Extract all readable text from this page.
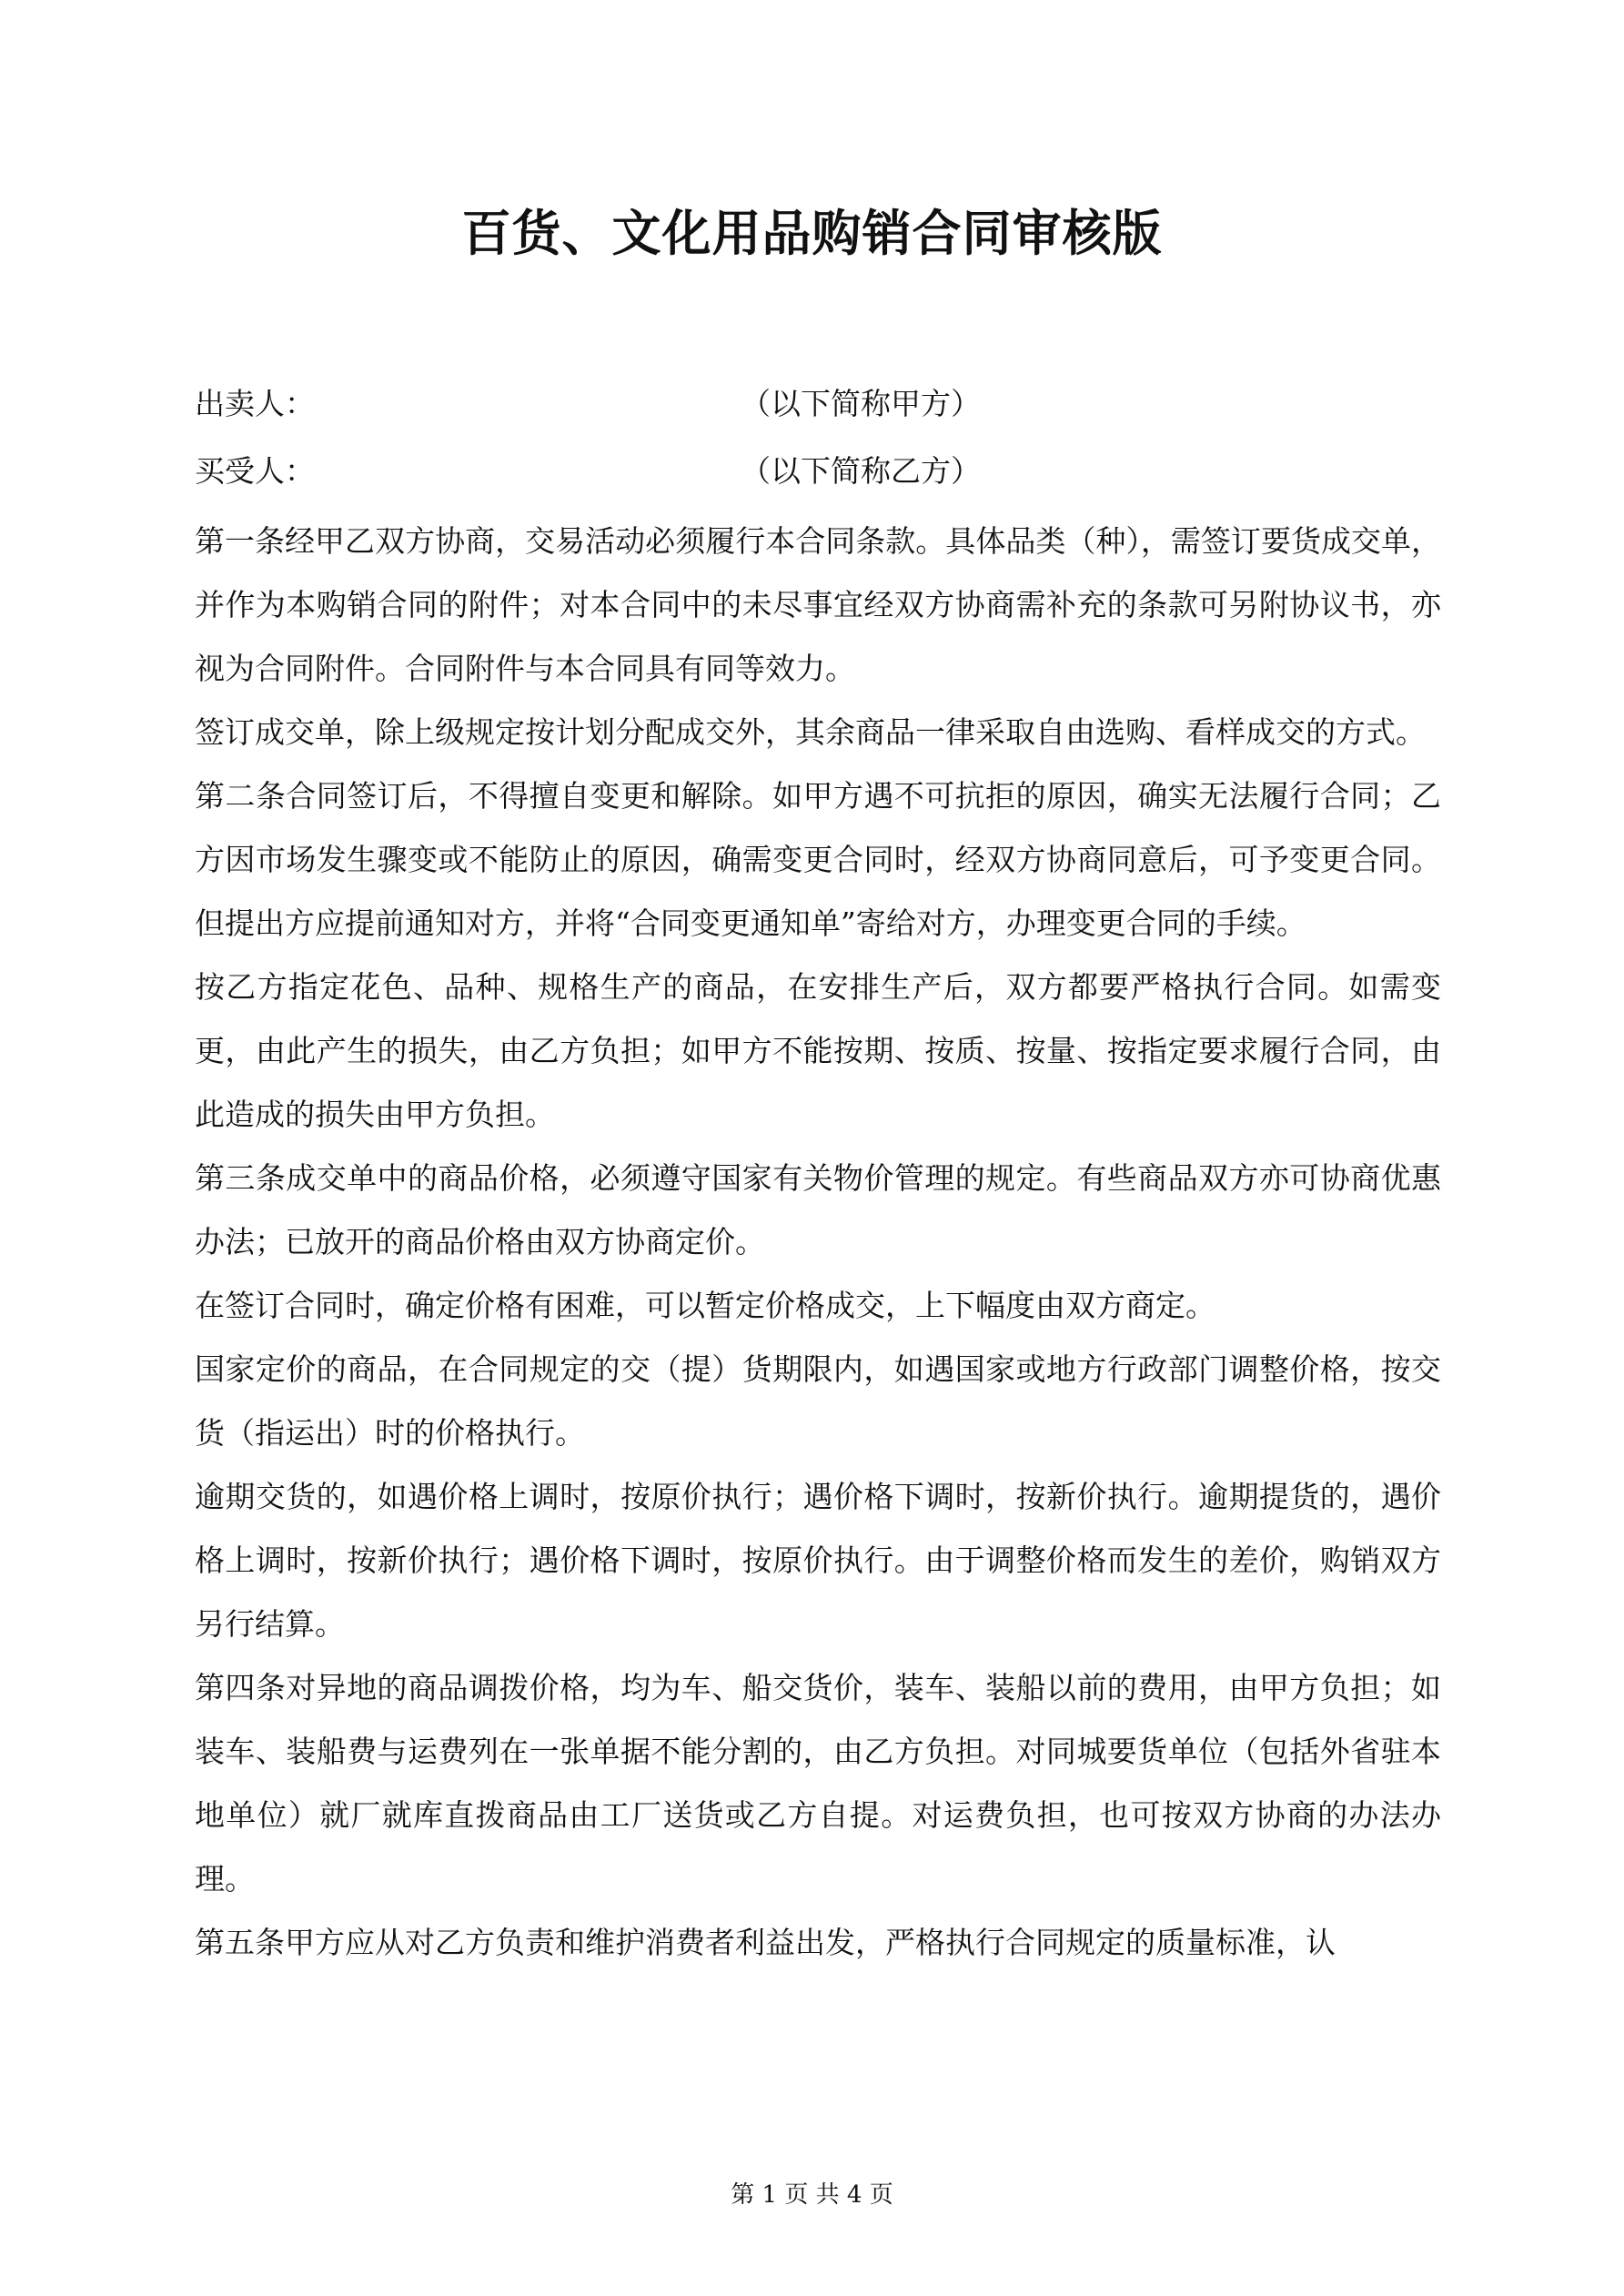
百货、文化用品购销合同审核版
出卖人：	（以下简称甲方）
买受人：	（以下简称乙方）

第一条经甲乙双方协商，交易活动必须履行本合同条款。具体品类（种），需签订要货成交单，并作为本购销合同的附件；对本合同中的未尽事宜经双方协商需补充的条款可另附协议书，亦视为合同附件。合同附件与本合同具有同等效力。

签订成交单，除上级规定按计划分配成交外，其余商品一律采取自由选购、看样成交的方式。

第二条合同签订后，不得擅自变更和解除。如甲方遇不可抗拒的原因，确实无法履行合同；乙方因市场发生骤变或不能防止的原因，确需变更合同时，经双方协商同意后，可予变更合同。但提出方应提前通知对方，并将“合同变更通知单”寄给对方，办理变更合同的手续。

按乙方指定花色、品种、规格生产的商品，在安排生产后，双方都要严格执行合同。如需变更，由此产生的损失，由乙方负担；如甲方不能按期、按质、按量、按指定要求履行合同，由此造成的损失由甲方负担。

第三条成交单中的商品价格，必须遵守国家有关物价管理的规定。有些商品双方亦可协商优惠办法；已放开的商品价格由双方协商定价。

在签订合同时，确定价格有困难，可以暂定价格成交，上下幅度由双方商定。

国家定价的商品，在合同规定的交（提）货期限内，如遇国家或地方行政部门调整价格，按交货（指运出）时的价格执行。

逾期交货的，如遇价格上调时，按原价执行；遇价格下调时，按新价执行。逾期提货的，遇价格上调时，按新价执行；遇价格下调时，按原价执行。由于调整价格而发生的差价，购销双方另行结算。

第四条对异地的商品调拨价格，均为车、船交货价，装车、装船以前的费用，由甲方负担；如装车、装船费与运费列在一张单据不能分割的，由乙方负担。对同城要货单位（包括外省驻本地单位）就厂就库直拨商品由工厂送货或乙方自提。对运费负担，也可按双方协商的办法办理。

第五条甲方应从对乙方负责和维护消费者利益出发，严格执行合同规定的质量标准，认

第 1 页 共 4 页
